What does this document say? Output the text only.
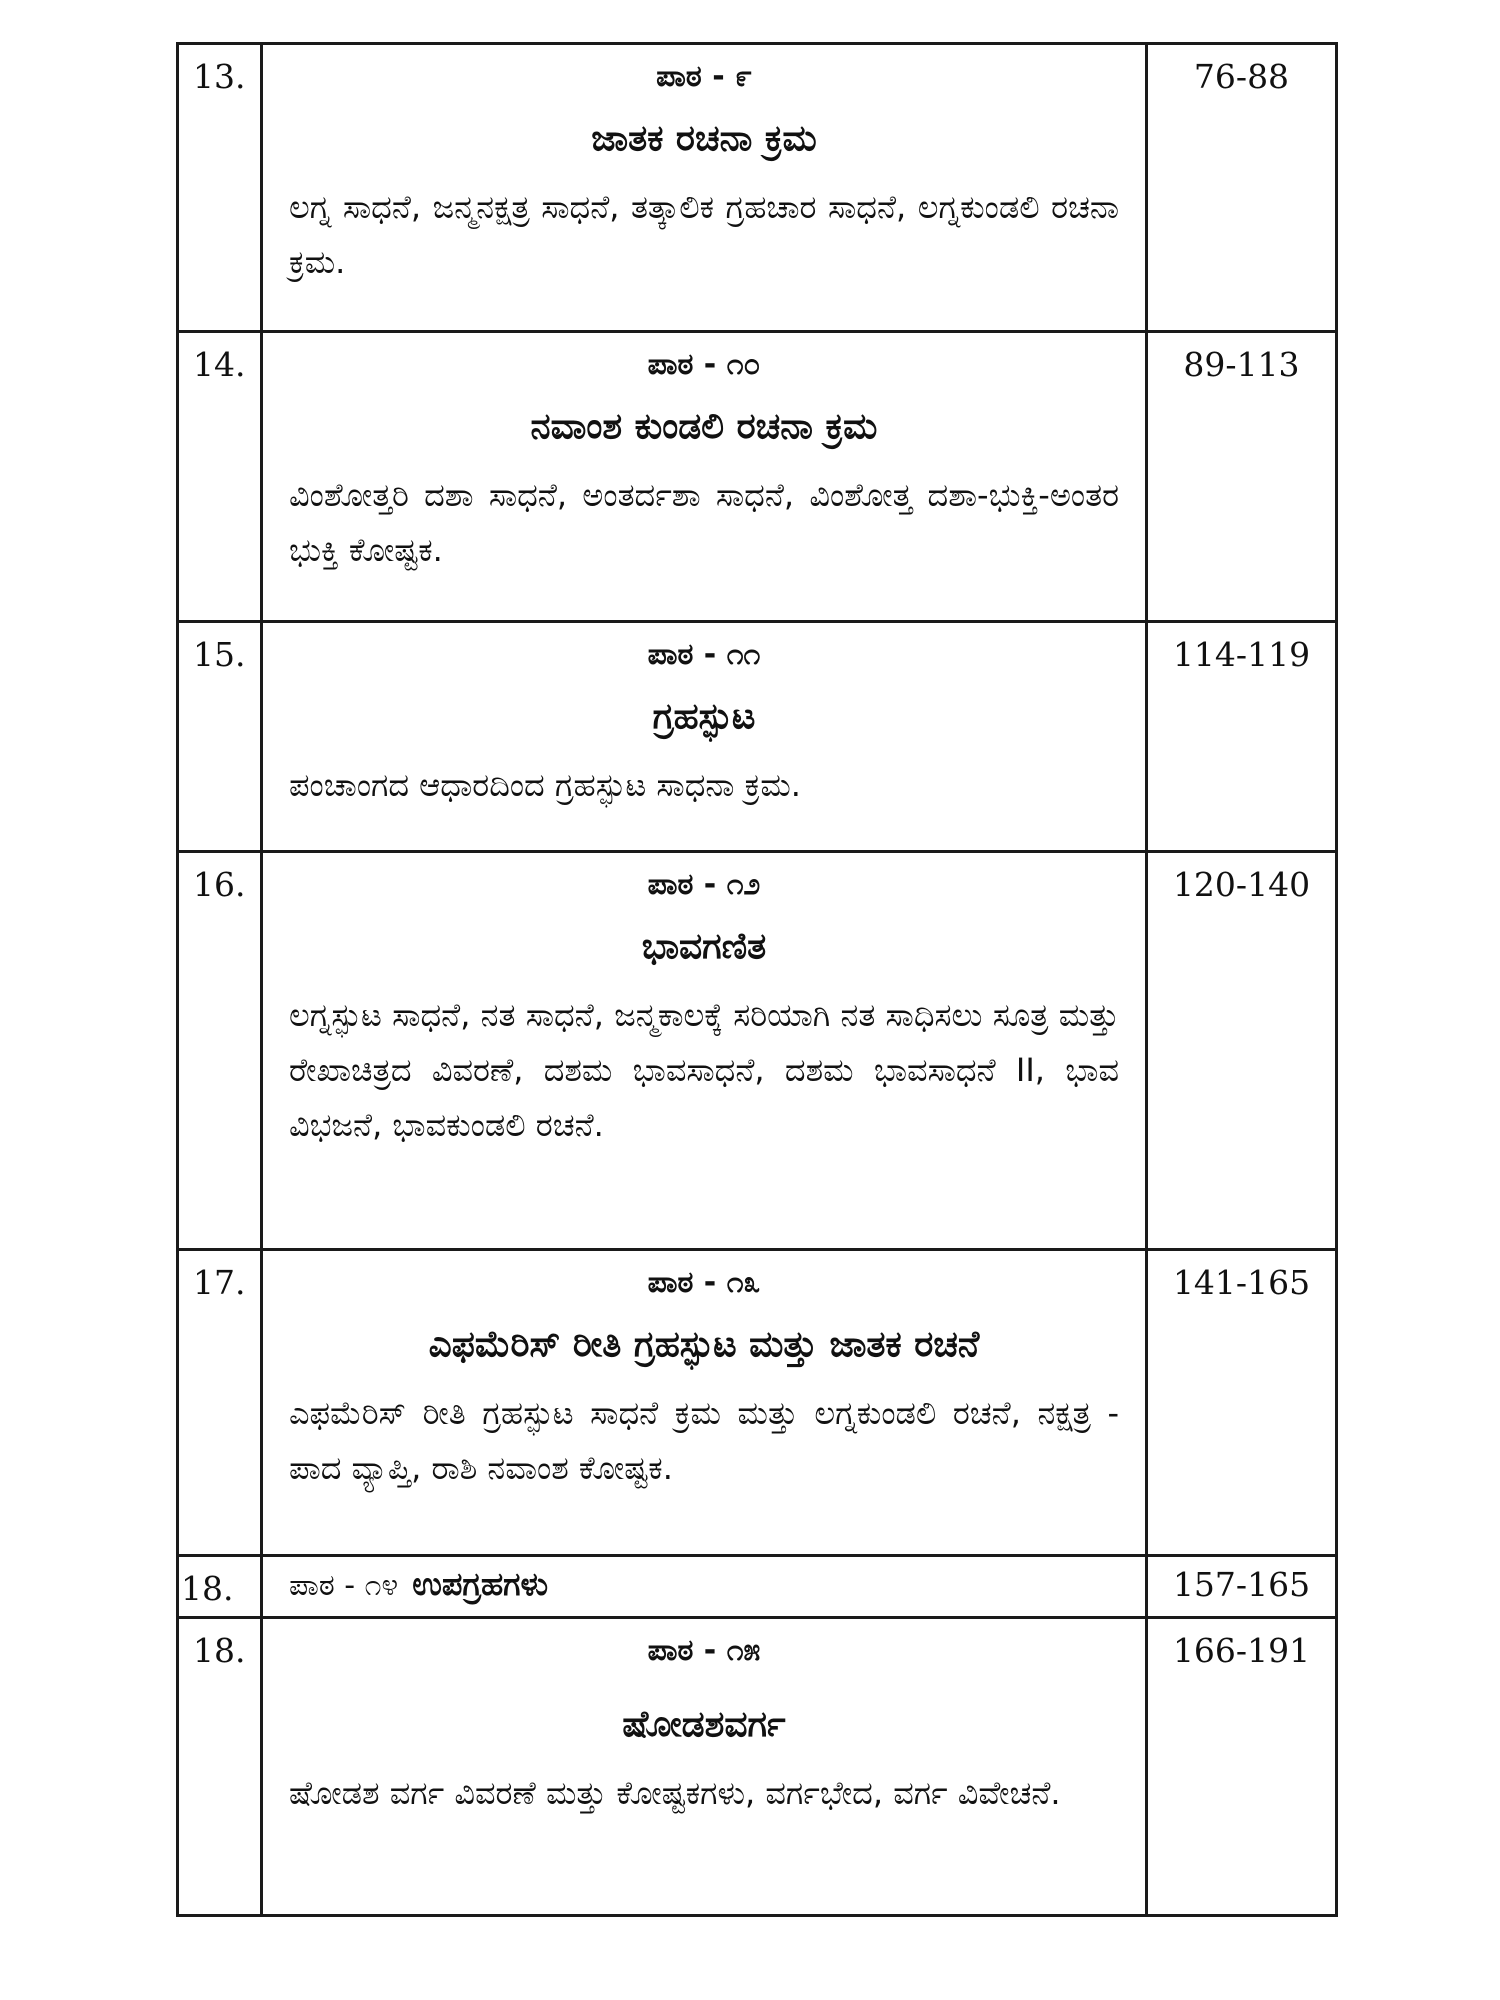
13.	ಪಾಠ - ೯
ಜಾತಕ ರಚನಾ ಕ್ರಮ
ಲಗ್ನ ಸಾಧನೆ, ಜನ್ಮನಕ್ಷತ್ರ ಸಾಧನೆ, ತತ್ಕಾಲಿಕ ಗ್ರಹಚಾರ ಸಾಧನೆ, ಲಗ್ನಕುಂಡಲಿ ರಚನಾ ಕ್ರಮ.	76-88

14.	ಪಾಠ - ೧೦
ನವಾಂಶ ಕುಂಡಲಿ ರಚನಾ ಕ್ರಮ
ವಿಂಶೋತ್ತರಿ ದಶಾ ಸಾಧನೆ, ಅಂತರ್ದಶಾ ಸಾಧನೆ, ವಿಂಶೋತ್ತ ದಶಾ-ಭುಕ್ತಿ-ಅಂತರ ಭುಕ್ತಿ ಕೋಷ್ಟಕ.	89-113

15.	ಪಾಠ - ೧೧
ಗ್ರಹಸ್ಫುಟ
ಪಂಚಾಂಗದ ಆಧಾರದಿಂದ ಗ್ರಹಸ್ಫುಟ ಸಾಧನಾ ಕ್ರಮ.	114-119

16.	ಪಾಠ - ೧೨
ಭಾವಗಣಿತ
ಲಗ್ನಸ್ಫುಟ ಸಾಧನೆ, ನತ ಸಾಧನೆ, ಜನ್ಮಕಾಲಕ್ಕೆ ಸರಿಯಾಗಿ ನತ ಸಾಧಿಸಲು ಸೂತ್ರ ಮತ್ತು ರೇಖಾಚಿತ್ರದ ವಿವರಣೆ, ದಶಮ ಭಾವಸಾಧನೆ, ದಶಮ ಭಾವಸಾಧನೆ II, ಭಾವ ವಿಭಜನೆ, ಭಾವಕುಂಡಲಿ ರಚನೆ.	120-140

17.	ಪಾಠ - ೧೩
ಎಫಮೆರಿಸ್ ರೀತಿ ಗ್ರಹಸ್ಫುಟ ಮತ್ತು ಜಾತಕ ರಚನೆ
ಎಫಮೆರಿಸ್ ರೀತಿ ಗ್ರಹಸ್ಫುಟ ಸಾಧನೆ ಕ್ರಮ ಮತ್ತು ಲಗ್ನಕುಂಡಲಿ ರಚನೆ, ನಕ್ಷತ್ರ - ಪಾದ ವ್ಯಾಪ್ತಿ, ರಾಶಿ ನವಾಂಶ ಕೋಷ್ಟಕ.	141-165

18.	ಪಾಠ - ೧೪ ಉಪಗ್ರಹಗಳು	157-165

18.	ಪಾಠ - ೧೫
ಷೋಡಶವರ್ಗ
ಷೋಡಶ ವರ್ಗ ವಿವರಣೆ ಮತ್ತು ಕೋಷ್ಟಕಗಳು, ವರ್ಗಭೇದ, ವರ್ಗ ವಿವೇಚನೆ.	166-191
